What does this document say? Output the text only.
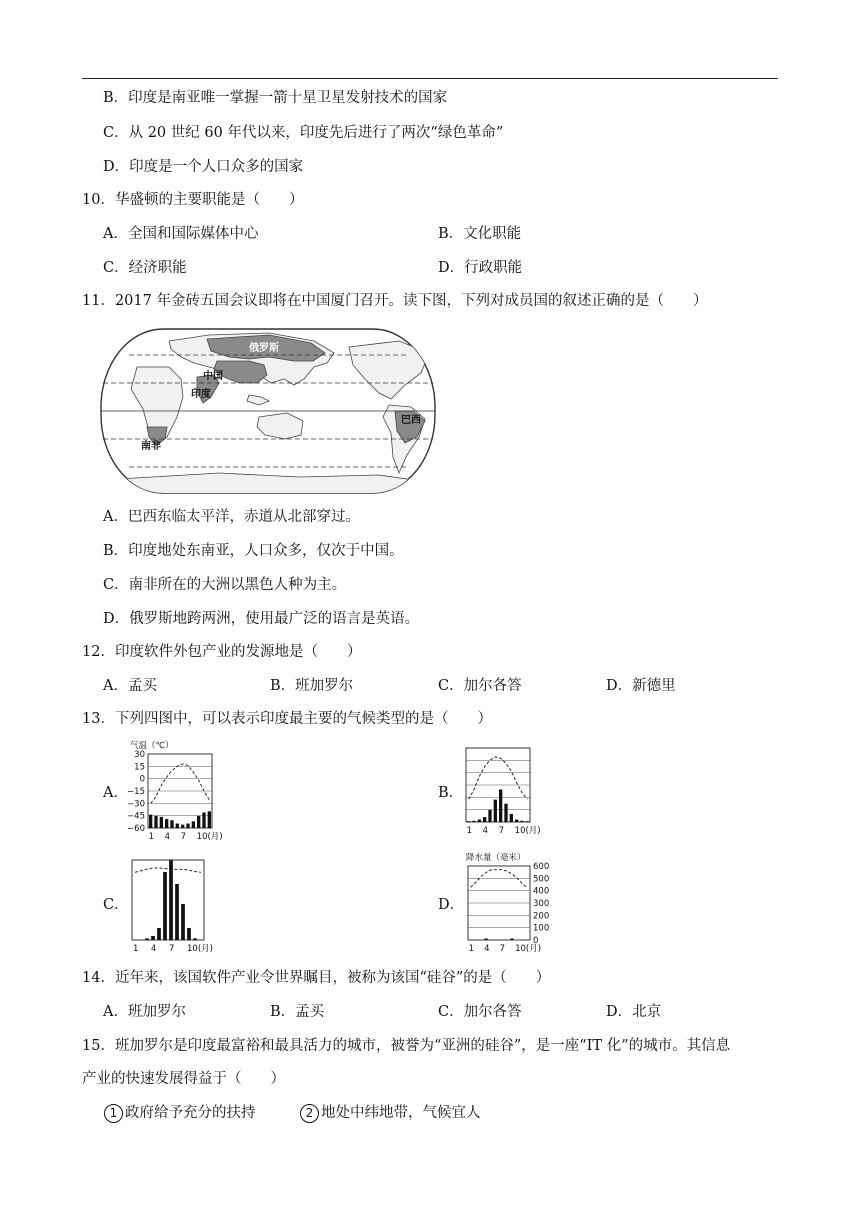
B．印度是南亚唯一掌握一箭十星卫星发射技术的国家
C．从 20 世纪 60 年代以来，印度先后进行了两次“绿色革命”
D．印度是一个人口众多的国家
10．华盛顿的主要职能是（　　）
A．全国和国际媒体中心	B．文化职能
C．经济职能	D．行政职能
11．2017 年金砖五国会议即将在中国厦门召开。读下图，下列对成员国的叙述正确的是（　　）
俄罗斯
中国
印度
巴西
南非
A．巴西东临太平洋，赤道从北部穿过。
B．印度地处东南亚，人口众多，仅次于中国。
C．南非所在的大洲以黑色人种为主。
D．俄罗斯地跨两洲，使用最广泛的语言是英语。
12．印度软件外包产业的发源地是（　　）
A．孟买	B．班加罗尔	C．加尔各答	D．新德里
13．下列四图中，可以表示印度最主要的气候类型的是（　　）
A．	B．
C．	D．
气温（℃）
30
15
0
−15
−30
−45
−60
1 4 7 10(月)
1 4 7 10(月)
1 4 7 10(月)
降水量（毫米）
600
500
400
300
200
100
0
1 4 7 10(月)
14．近年来，该国软件产业令世界瞩目，被称为该国“硅谷”的是（　　）
A．班加罗尔	B．孟买	C．加尔各答	D．北京
15．班加罗尔是印度最富裕和最具活力的城市，被誉为“亚洲的硅谷”，是一座“IT 化”的城市。其信息
产业的快速发展得益于（　　）
1 政府给予充分的扶持	2 地处中纬地带，气候宜人
